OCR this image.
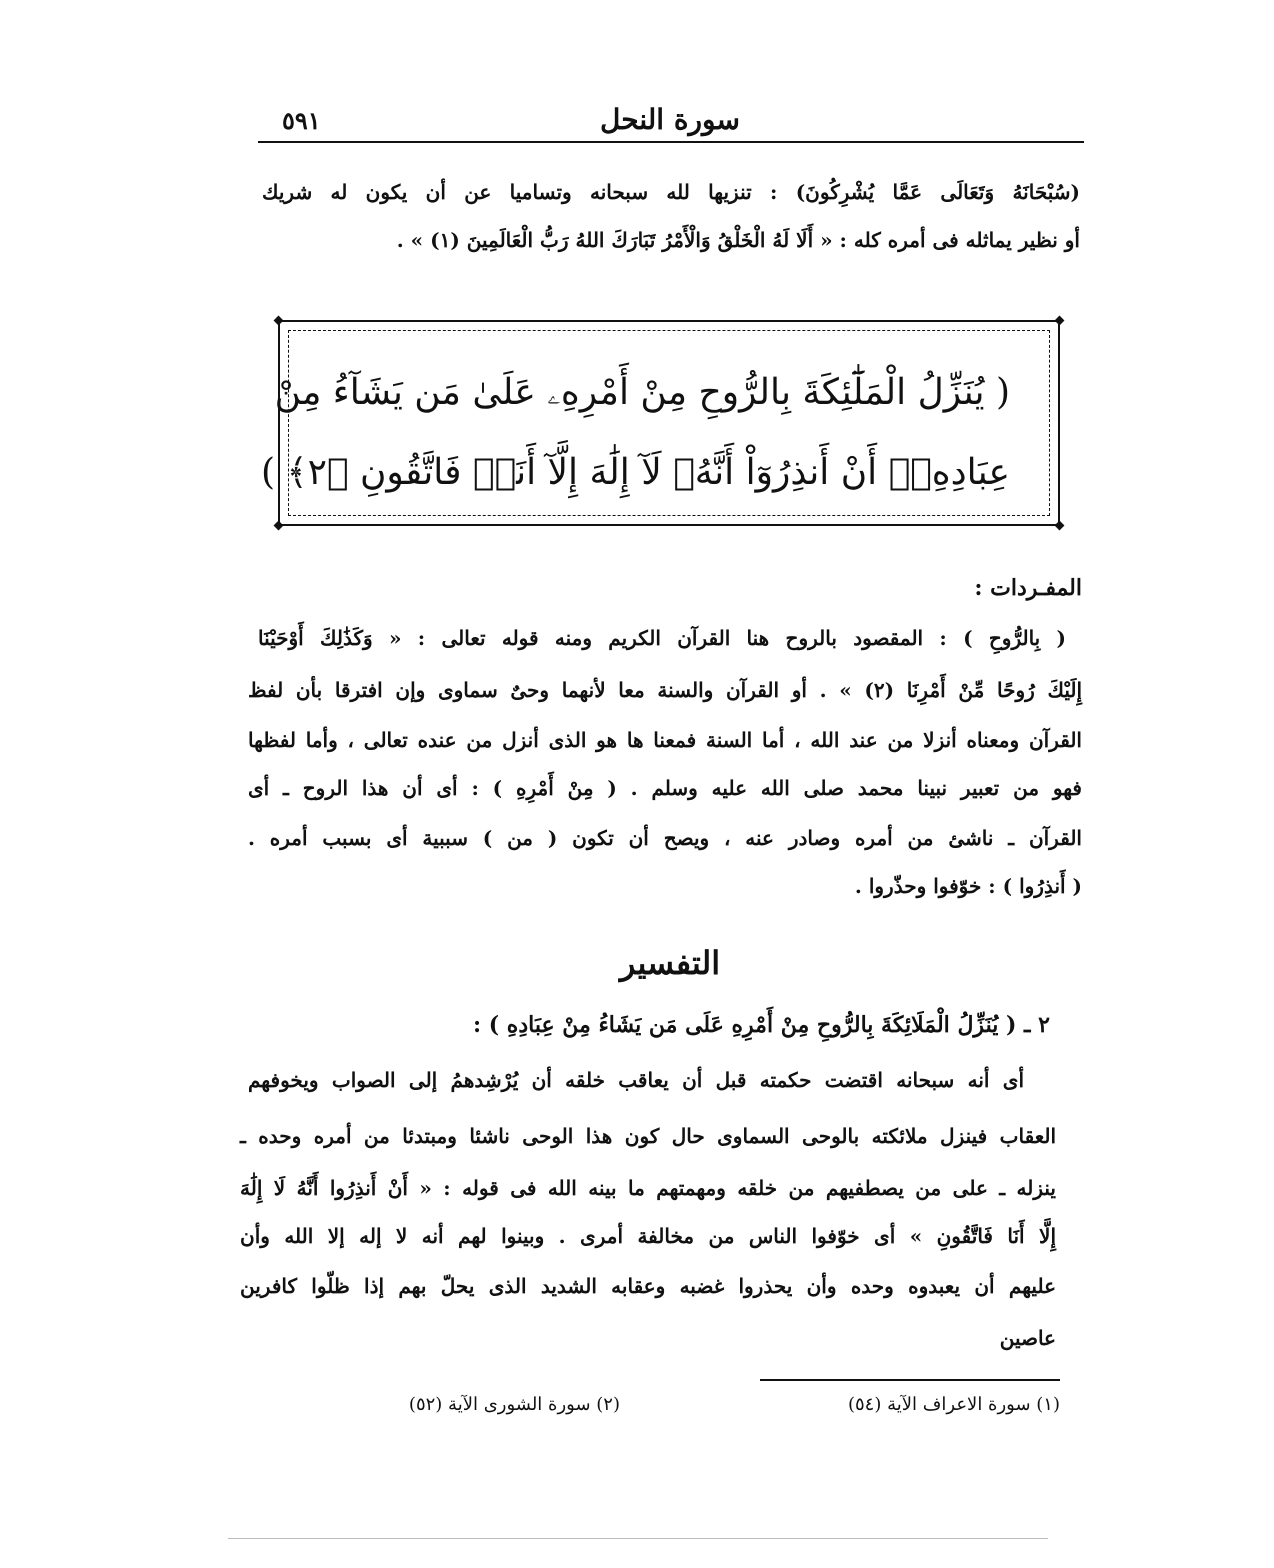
٥٩١	سورة النحل
(سُبْحَانَهُ وَتَعَالَى عَمَّا يُشْرِكُونَ) : تنزيها لله سبحانه وتساميا عن أن يكون له شريك
أو نظير يماثله فى أمره كله : « أَلَا لَهُ الْخَلْقُ وَالْأَمْرُ تَبَارَكَ اللهُ رَبُّ الْعَالَمِينَ (١) » .
( يُنَزِّلُ الْمَلَٰٓئِكَةَ بِالرُّوحِ مِنْ أَمْرِهِۦ عَلَىٰ مَن يَشَآءُ مِنْ
عِبَادِهِۦٓ أَنْ أَنذِرُوٓاْ أَنَّهُۥ لَآ إِلَٰهَ إِلَّآ أَنَا۠ فَاتَّقُونِ ﴿٢﴾ )
المفـردات :
( بِالرُّوحِ ) : المقصود بالروح هنا القرآن الكريم ومنه قوله تعالى : « وَكَذَٰلِكَ أَوْحَيْنَا
إِلَيْكَ رُوحًا مِّنْ أَمْرِنَا (٢) » . أو القرآن والسنة معا لأنهما وحىٌ سماوى وإن افترقا بأن لفظ
القرآن ومعناه أنزلا من عند الله ، أما السنة فمعنا ها هو الذى أنزل من عنده تعالى ، وأما لفظها
فهو من تعبير نبينا محمد صلى الله عليه وسلم . ( مِنْ أَمْرِهِ ) : أى أن هذا الروح ـ أى
القرآن ـ ناشئ من أمره وصادر عنه ، ويصح أن تكون ( من ) سببية أى بسبب أمره .
( أَنذِرُوا ) : خوّفوا وحذّروا .
التفسير
٢ ـ ( يُنَزِّلُ الْمَلَائِكَةَ بِالرُّوحِ مِنْ أَمْرِهِ عَلَى مَن يَشَاءُ مِنْ عِبَادِهِ ) :
أى أنه سبحانه اقتضت حكمته قبل أن يعاقب خلقه أن يُرْشِدهمُ إلى الصواب ويخوفهم
العقاب فينزل ملائكته بالوحى السماوى حال كون هذا الوحى ناشئا ومبتدئا من أمره وحده ـ
ينزله ـ على من يصطفيهم من خلقه ومهمتهم ما بينه الله فى قوله : « أَنْ أَنذِرُوا أَنَّهُ لَا إِلَٰهَ
إِلَّا أَنَا فَاتَّقُونِ » أى خوّفوا الناس من مخالفة أمرى . وبينوا لهم أنه لا إله إلا الله وأن
عليهم أن يعبدوه وحده وأن يحذروا غضبه وعقابه الشديد الذى يحلّ بهم إذا ظلّوا كافرين
عاصين
(١) سورة الاعراف الآية (٥٤)
(٢) سورة الشورى الآية (٥٢)
